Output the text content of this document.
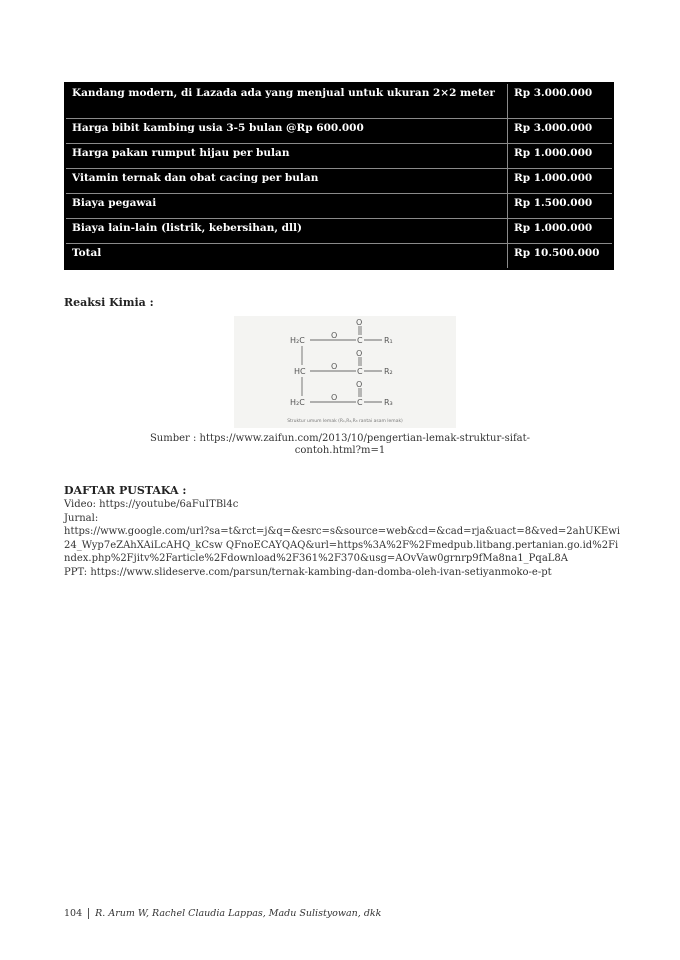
Kandang modern, di Lazada ada yang menjual untuk ukuran 2×2 meter	Rp 3.000.000
Harga bibit kambing usia 3-5 bulan @Rp 600.000	Rp 3.000.000
Harga pakan rumput hijau per bulan	Rp 1.000.000
Vitamin ternak dan obat cacing per bulan	Rp 1.000.000
Biaya pegawai	Rp 1.500.000
Biaya lain-lain (listrik, kebersihan, dll)	Rp 1.000.000
Total	Rp 10.500.000
Reaksi Kimia :
H₂C
HC
H₂C
O
O
O
O
O
O
C
C
C
R₁
R₂
R₃
Struktur umum lemak (R₁,R₂,R₃ rantai asam lemak)
Sumber : https://www.zaifun.com/2013/10/pengertian-lemak-struktur-sifat-
contoh.html?m=1
DAFTAR PUSTAKA :
Video: https://youtube/6aFuITBl4c
Jurnal:
https://www.google.com/url?sa=t&rct=j&q=&esrc=s&source=web&cd=&cad=rja&uact=8&ved=2ahUKEwi24_Wyp7eZAhXAiLcAHQ_kCsw QFnoECAYQAQ&url=https%3A%2F%2Fmedpub.litbang.pertanian.go.id%2Findex.php%2Fjitv%2Farticle%2Fdownload%2F361%2F370&usg=AOvVaw0grnrp9fMa8na1_PqaL8A
PPT: https://www.slideserve.com/parsun/ternak-kambing-dan-domba-oleh-ivan-setiyanmoko-e-pt
104 R. Arum W, Rachel Claudia Lappas, Madu Sulistyowan, dkk
